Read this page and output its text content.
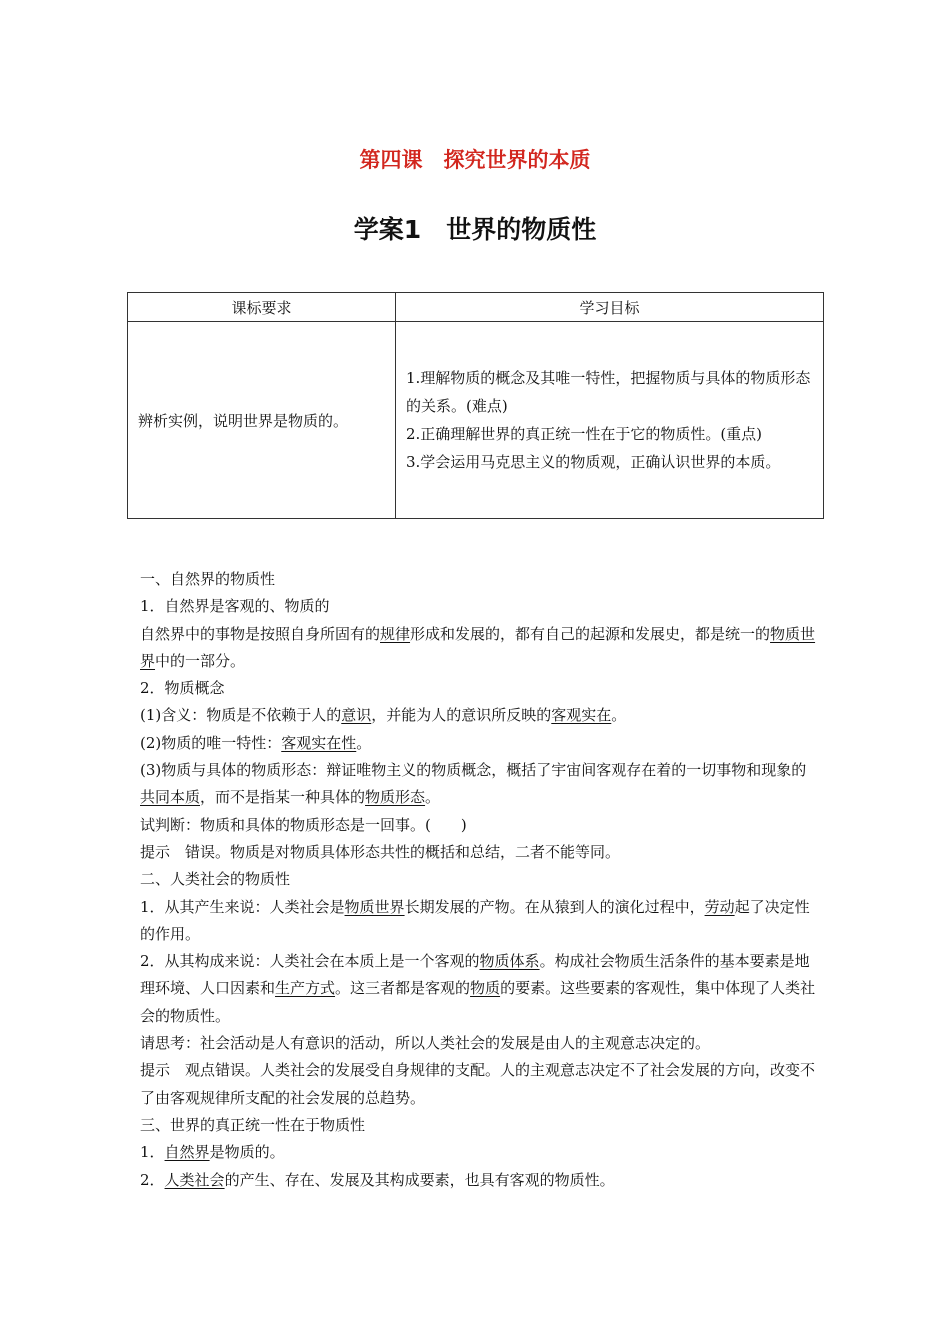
第四课　探究世界的本质
学案1　世界的物质性
课标要求	学习目标
辨析实例，说明世界是物质的。	1.理解物质的概念及其唯一特性，把握物质与具体的物质形态的关系。(难点)
2.正确理解世界的真正统一性在于它的物质性。(重点)
3.学会运用马克思主义的物质观，正确认识世界的本质。

一、自然界的物质性

1．自然界是客观的、物质的

自然界中的事物是按照自身所固有的规律形成和发展的，都有自己的起源和发展史，都是统一的物质世界中的一部分。

2．物质概念

(1)含义：物质是不依赖于人的意识，并能为人的意识所反映的客观实在。

(2)物质的唯一特性：客观实在性。

(3)物质与具体的物质形态：辩证唯物主义的物质概念，概括了宇宙间客观存在着的一切事物和现象的共同本质，而不是指某一种具体的物质形态。

试判断：物质和具体的物质形态是一回事。(　　)

提示　错误。物质是对物质具体形态共性的概括和总结，二者不能等同。

二、人类社会的物质性

1．从其产生来说：人类社会是物质世界长期发展的产物。在从猿到人的演化过程中，劳动起了决定性的作用。

2．从其构成来说：人类社会在本质上是一个客观的物质体系。构成社会物质生活条件的基本要素是地理环境、人口因素和生产方式。这三者都是客观的物质的要素。这些要素的客观性，集中体现了人类社会的物质性。

请思考：社会活动是人有意识的活动，所以人类社会的发展是由人的主观意志决定的。

提示　观点错误。人类社会的发展受自身规律的支配。人的主观意志决定不了社会发展的方向，改变不了由客观规律所支配的社会发展的总趋势。

三、世界的真正统一性在于物质性

1．自然界是物质的。

2．人类社会的产生、存在、发展及其构成要素，也具有客观的物质性。
